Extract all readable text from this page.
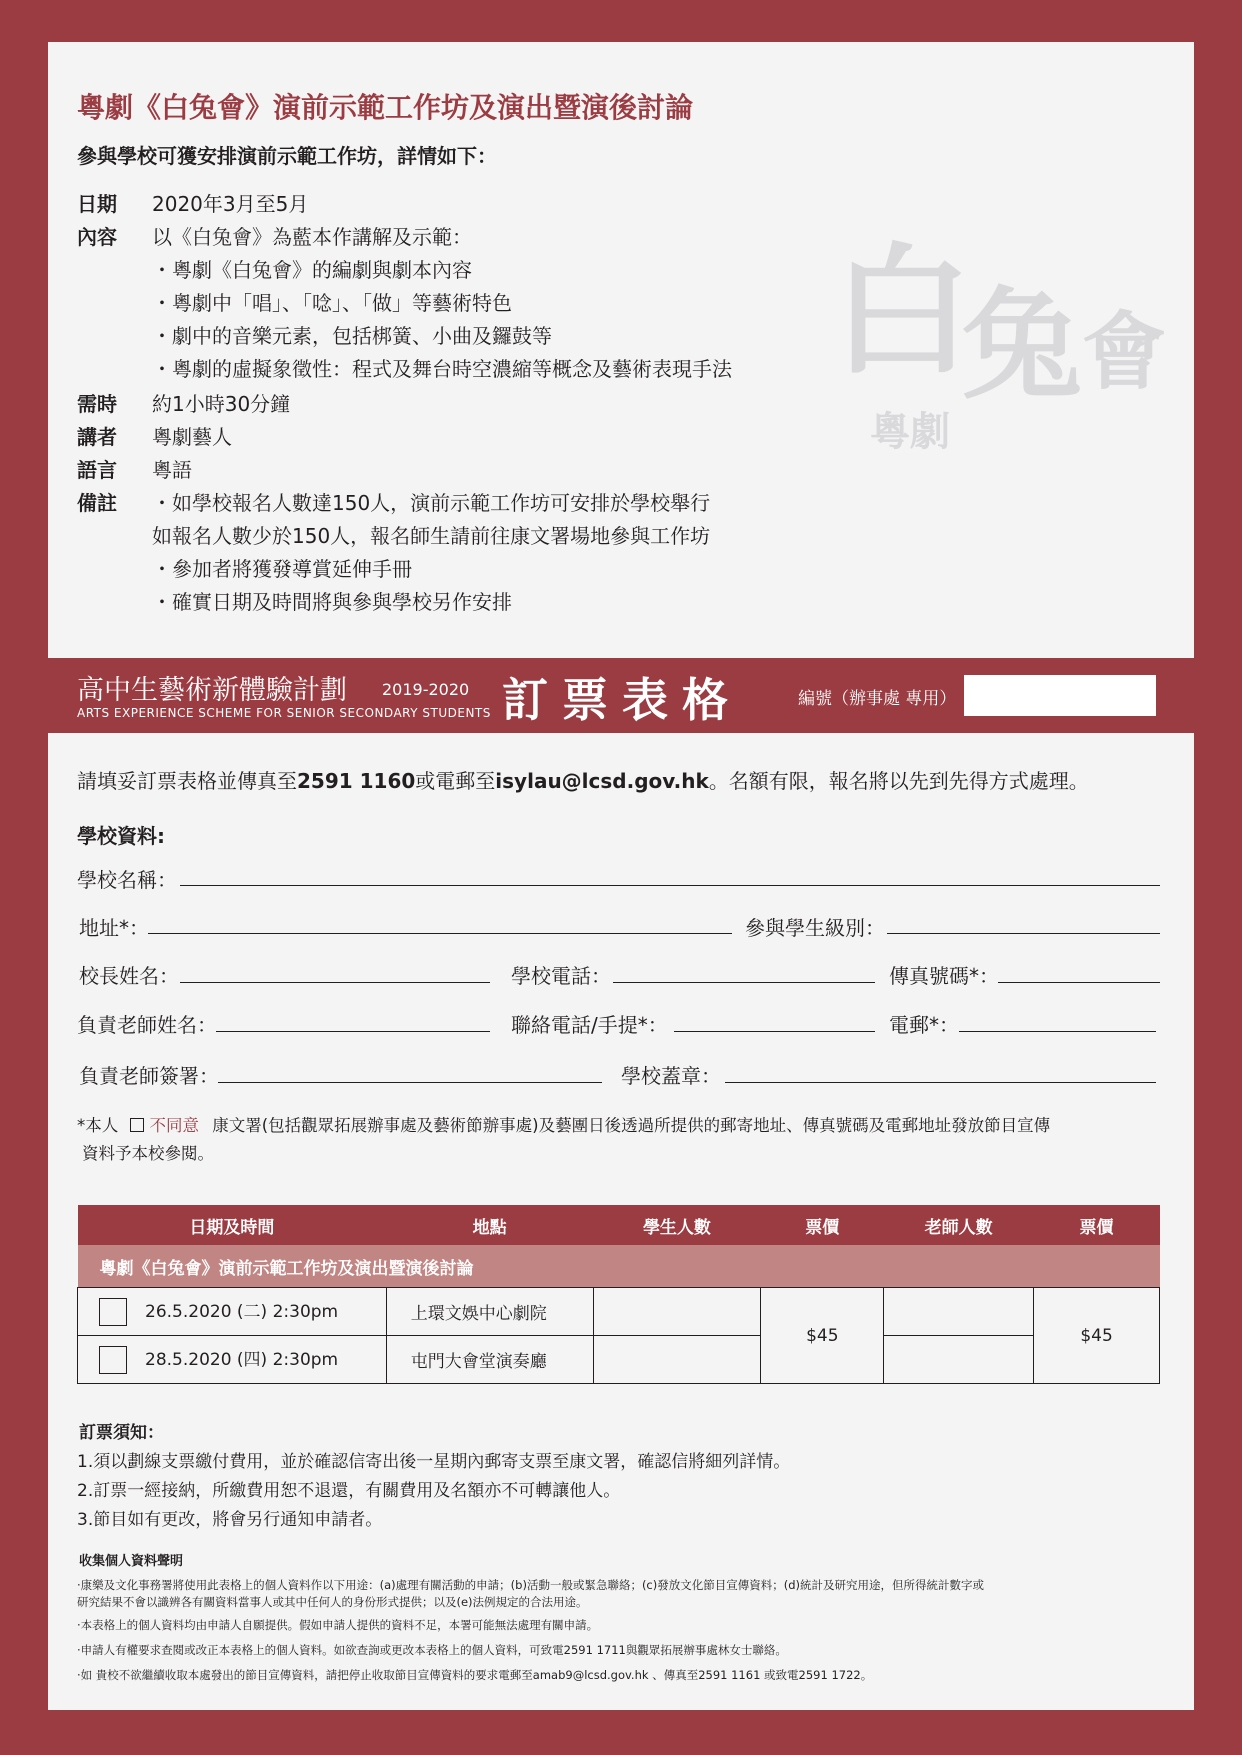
白
兔 會
粵劇
粵劇《白兔會》演前示範工作坊及演出暨演後討論
參與學校可獲安排演前示範工作坊，詳情如下：
日期 2020年3月至5月
內容 以《白兔會》為藍本作講解及示範：
・粵劇《白兔會》的編劇與劇本內容
・粵劇中「唱」、「唸」、「做」等藝術特色
・劇中的音樂元素，包括梆簧、小曲及鑼鼓等
・粵劇的虛擬象徵性：程式及舞台時空濃縮等概念及藝術表現手法
需時 約1小時30分鐘
講者 粵劇藝人
語言 粵語
備註 ・如學校報名人數達150人，演前示範工作坊可安排於學校舉行
如報名人數少於150人，報名師生請前往康文署場地參與工作坊
・參加者將獲發導賞延伸手冊
・確實日期及時間將與參與學校另作安排
高中生藝術新體驗計劃 2019-2020
ARTS EXPERIENCE SCHEME FOR SENIOR SECONDARY STUDENTS 訂票表格	編號（辦事處 專用）
請填妥訂票表格並傳真至2591 1160或電郵至isylau@lcsd.gov.hk。名額有限，報名將以先到先得方式處理。
學校資料:
學校名稱：
地址*：	參與學生級別：
校長姓名：	學校電話：	傳真號碼*：
負責老師姓名：	聯絡電話/手提*：	電郵*：
負責老師簽署：	學校蓋章：
*本人 不同意 康文署(包括觀眾拓展辦事處及藝術節辦事處)及藝團日後透過所提供的郵寄地址、傳真號碼及電郵地址發放節目宣傳
資料予本校參閱。
日期及時間	地點	學生人數	票價	老師人數	票價
粵劇《白兔會》演前示範工作坊及演出暨演後討論					
26.5.2020 (二) 2:30pm	上環文娛中心劇院		$45		$45
28.5.2020 (四) 2:30pm	屯門大會堂演奏廳				
訂票須知：
1.須以劃線支票繳付費用，並於確認信寄出後一星期內郵寄支票至康文署，確認信將細列詳情。
2.訂票一經接納，所繳費用恕不退還，有關費用及名額亦不可轉讓他人。
3.節目如有更改，將會另行通知申請者。
收集個人資料聲明
‧康樂及文化事務署將使用此表格上的個人資料作以下用途：(a)處理有關活動的申請；(b)活動一般或緊急聯絡；(c)發放文化節目宣傳資料；(d)統計及研究用途，但所得統計數字或
研究結果不會以識辨各有關資料當事人或其中任何人的身份形式提供；以及(e)法例規定的合法用途。
‧本表格上的個人資料均由申請人自願提供。假如申請人提供的資料不足，本署可能無法處理有關申請。
‧申請人有權要求查閱或改正本表格上的個人資料。如欲查詢或更改本表格上的個人資料，可致電2591 1711與觀眾拓展辦事處林女士聯絡。
‧如 貴校不欲繼續收取本處發出的節目宣傳資料，請把停止收取節目宣傳資料的要求電郵至amab9@lcsd.gov.hk 、傳真至2591 1161 或致電2591 1722。
